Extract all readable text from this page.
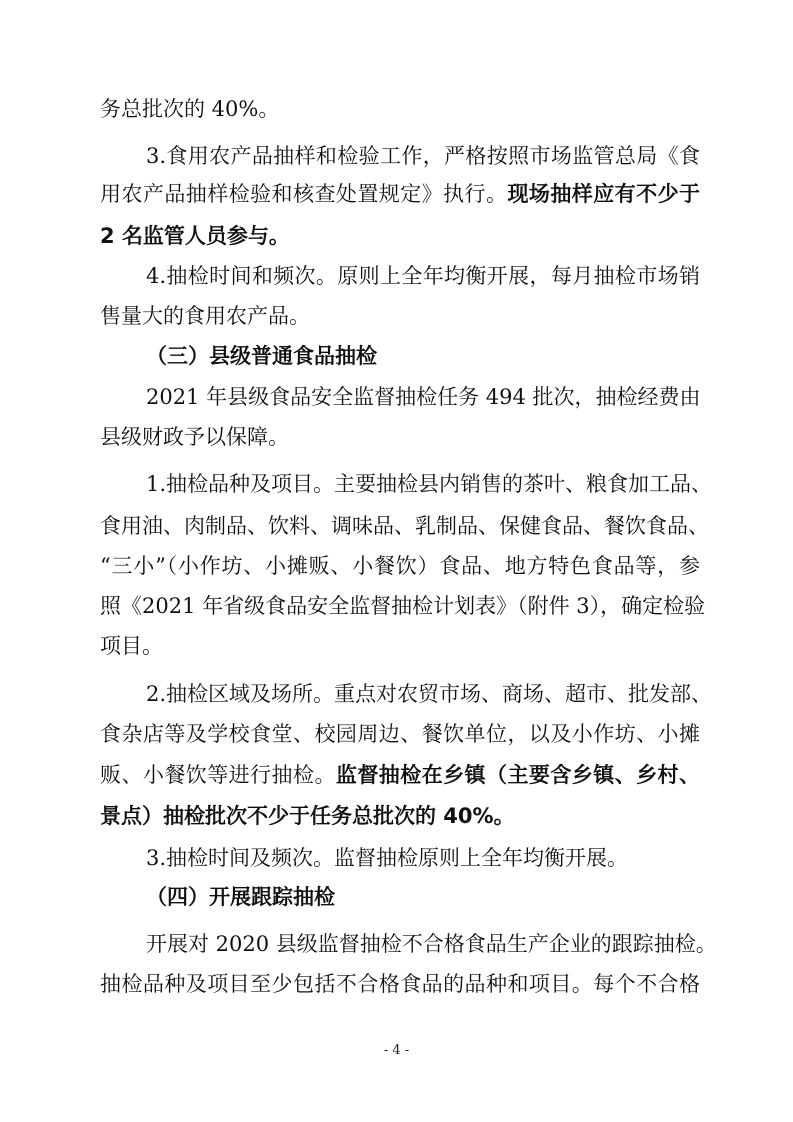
务总批次的 40%。
3.食用农产品抽样和检验工作，严格按照市场监管总局《食
用农产品抽样检验和核查处置规定》执行。现场抽样应有不少于
2 名监管人员参与。
4.抽检时间和频次。原则上全年均衡开展，每月抽检市场销
售量大的食用农产品。
（三）县级普通食品抽检
2021 年县级食品安全监督抽检任务 494 批次，抽检经费由
县级财政予以保障。
1.抽检品种及项目。主要抽检县内销售的茶叶、粮食加工品、
食用油、肉制品、饮料、调味品、乳制品、保健食品、餐饮食品、
“三小”（小作坊、小摊贩、小餐饮）食品、地方特色食品等，参
照《2021 年省级食品安全监督抽检计划表》（附件 3），确定检验
项目。
2.抽检区域及场所。重点对农贸市场、商场、超市、批发部、
食杂店等及学校食堂、校园周边、餐饮单位，以及小作坊、小摊
贩、小餐饮等进行抽检。监督抽检在乡镇（主要含乡镇、乡村、
景点）抽检批次不少于任务总批次的 40%。
3.抽检时间及频次。监督抽检原则上全年均衡开展。
（四）开展跟踪抽检
开展对 2020 县级监督抽检不合格食品生产企业的跟踪抽检。
抽检品种及项目至少包括不合格食品的品种和项目。每个不合格
- 4 -
